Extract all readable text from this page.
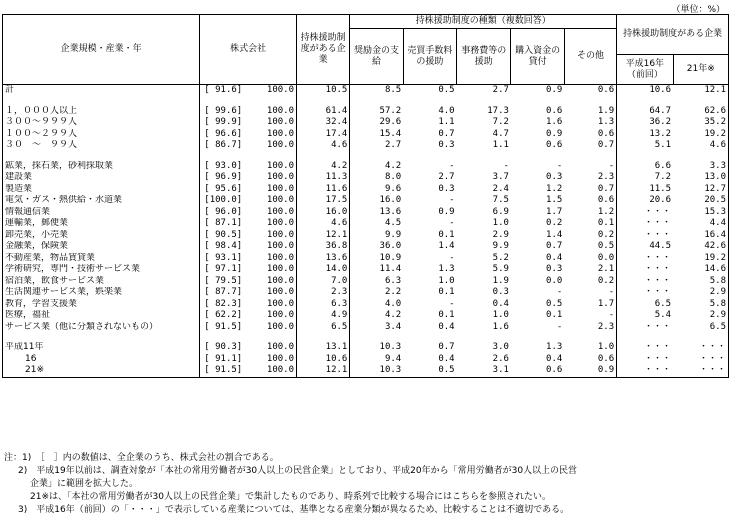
（単位：%）
企業規模・産業・年	株式会社		持株援助制度がある企業	持株援助制度の種類（複数回答）					持株援助制度がある企業	
				奨励金の支給	売買手数料の援助	事務費等の援助	購入資金の貸付	その他		
									平成16年（前回）	21年※
計	[ 91.6]	100.0	10.5	8.5	0.5	2.7	0.9	0.6	10.6	12.1

１，０００人以上	[ 99.6]	100.0	61.4	57.2	4.0	17.3	0.6	1.9	64.7	62.6
３００～９９９人	[ 99.9]	100.0	32.4	29.6	1.1	7.2	1.6	1.3	36.2	35.2
１００～２９９人	[ 96.6]	100.0	17.4	15.4	0.7	4.7	0.9	0.6	13.2	19.2
３０　～　９９人	[ 86.7]	100.0	4.6	2.7	0.3	1.1	0.6	0.7	5.1	4.6

鉱業，採石業，砂利採取業	[ 93.0]	100.0	4.2	4.2	-	-	-	-	6.6	3.3
建設業	[ 96.9]	100.0	11.3	8.0	2.7	3.7	0.3	2.3	7.2	13.0
製造業	[ 95.6]	100.0	11.6	9.6	0.3	2.4	1.2	0.7	11.5	12.7
電気・ガス・熱供給・水道業	[100.0]	100.0	17.5	16.0	-	7.5	1.5	0.6	20.6	20.5
情報通信業	[ 96.0]	100.0	16.0	13.6	0.9	6.9	1.7	1.2	・・・	15.3
運輸業，郵便業	[ 87.1]	100.0	4.6	4.5	-	1.0	0.2	0.1	・・・	4.4
卸売業，小売業	[ 90.5]	100.0	12.1	9.9	0.1	2.9	1.4	0.2	・・・	16.4
金融業，保険業	[ 98.4]	100.0	36.8	36.0	1.4	9.9	0.7	0.5	44.5	42.6
不動産業，物品賃貸業	[ 93.1]	100.0	13.6	10.9	-	5.2	0.4	0.0	・・・	19.2
学術研究，専門・技術サービス業	[ 97.1]	100.0	14.0	11.4	1.3	5.9	0.3	2.1	・・・	14.6
宿泊業，飲食サービス業	[ 79.5]	100.0	7.0	6.3	1.0	1.9	0.0	0.2	・・・	5.8
生活関連サービス業，娯楽業	[ 87.7]	100.0	2.3	2.2	0.1	0.3	-	-	・・・	2.9
教育，学習支援業	[ 82.3]	100.0	6.3	4.0	-	0.4	0.5	1.7	6.5	5.8
医療，福祉	[ 62.2]	100.0	4.9	4.2	0.1	1.0	0.1	-	5.4	2.9
サービス業（他に分類されないもの）	[ 91.5]	100.0	6.5	3.4	0.4	1.6	-	2.3	・・・	6.5

平成11年	[ 90.3]	100.0	13.1	10.3	0.7	3.0	1.3	1.0	・・・	・・・
16	[ 91.1]	100.0	10.6	9.4	0.4	2.6	0.4	0.6	・・・	・・・
21※	[ 91.5]	100.0	12.1	10.3	0.5	3.1	0.6	0.9	・・・	・・・
注：1)　［　］内の数値は、全企業のうち、株式会社の割合である。
2)　平成19年以前は、調査対象が「本社の常用労働者が30人以上の民営企業」としており、平成20年から「常用労働者が30人以上の民営
企業」に範囲を拡大した。
21※は、「本社の常用労働者が30人以上の民営企業」で集計したものであり、時系列で比較する場合にはこちらを参照されたい。
3)　平成16年（前回）の「・・・」で表示している産業については、基準となる産業分類が異なるため、比較することは不適切である。
